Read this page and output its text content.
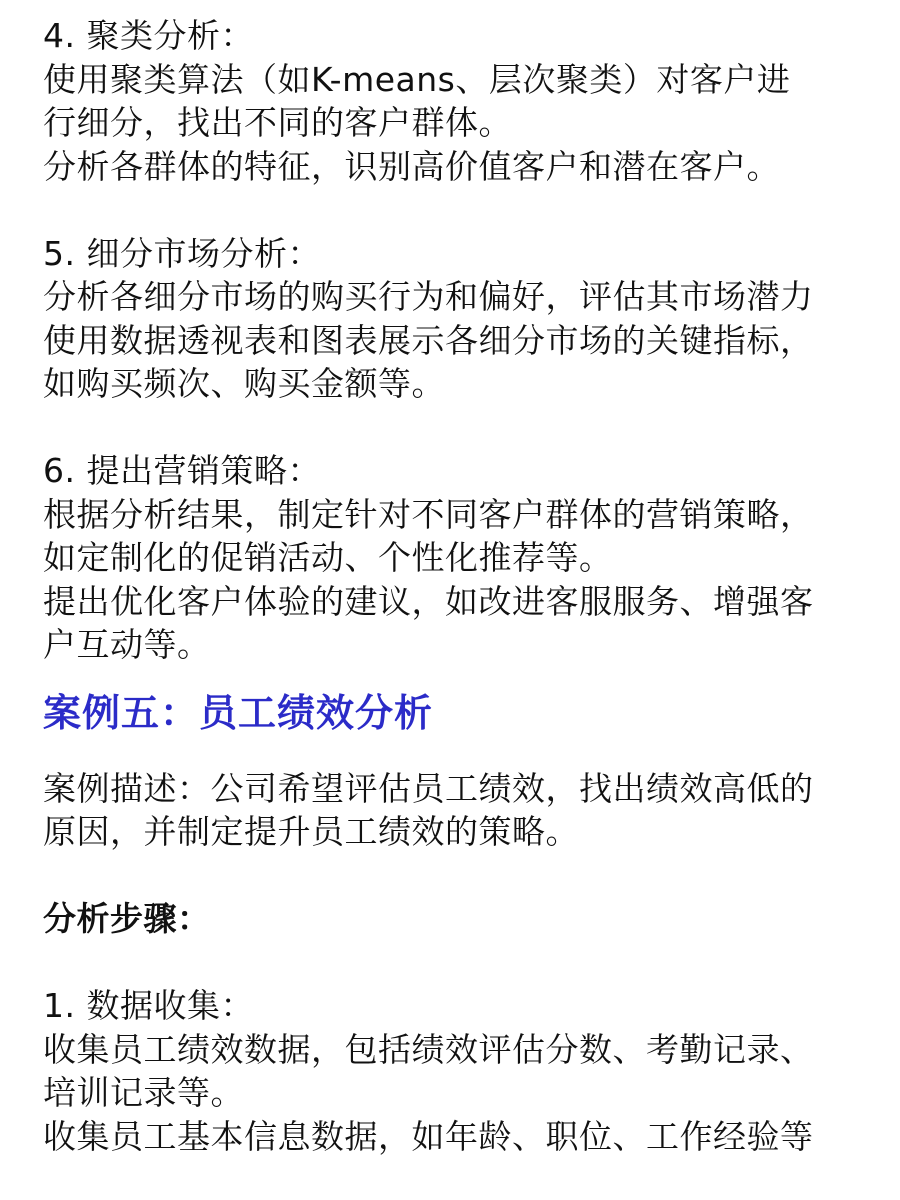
4. 聚类分析：
使用聚类算法（如K-means、层次聚类）对客户进
行细分，找出不同的客户群体。
分析各群体的特征，识别高价值客户和潜在客户。
5. 细分市场分析：
分析各细分市场的购买行为和偏好，评估其市场潜力
使用数据透视表和图表展示各细分市场的关键指标，
如购买频次、购买金额等。
6. 提出营销策略：
根据分析结果，制定针对不同客户群体的营销策略，
如定制化的促销活动、个性化推荐等。
提出优化客户体验的建议，如改进客服服务、增强客
户互动等。
案例五：员工绩效分析
案例描述：公司希望评估员工绩效，找出绩效高低的
原因，并制定提升员工绩效的策略。
分析步骤：
1. 数据收集：
收集员工绩效数据，包括绩效评估分数、考勤记录、
培训记录等。
收集员工基本信息数据，如年龄、职位、工作经验等
